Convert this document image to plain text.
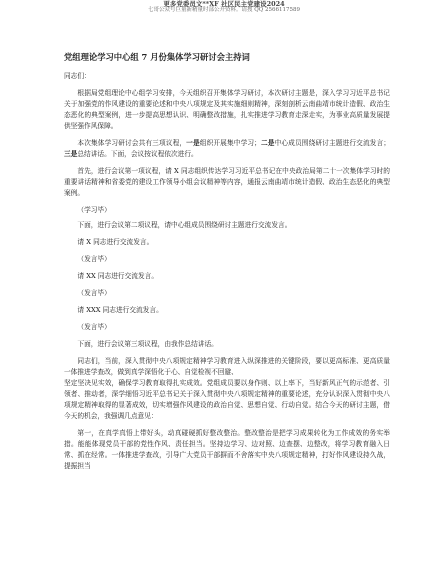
更多党委员文**XF 社区民主党建设2024
七哥公众号巨量新精量时部公开资料。请搜 QQ 2566117589
党组理论学习中心组 7 月份集体学习研讨会主持词

同志们：

根据局党组理论中心组学习安排，今天组织召开集体学习研讨，本次研讨主题是，深入学习习近平总书记关于加强党的作风建设的重要论述和中央八项规定及其实施细则精神，深刻剖析云南曲靖市统计造假、政治生态恶化的典型案例，进一步提高思想认识、明确整改措施，扎实推进学习教育走深走实，为事业高质量发展提供坚强作风保障。

本次集体学习研讨会共有三项议程，一是组织开展集中学习；二是中心成员围绕研讨主题进行交流发言；三是总结讲话。下面，会议按议程依次进行。

首先，进行会议第一项议程，请 X 同志组织传达学习习近平总书记在中央政治局第二十一次集体学习时的重要讲话精神和省委党的建设工作领导小组会议精神等内容，通报云南曲靖市统计造假、政治生态恶化的典型案例。

（学习毕）

下面，进行会议第二项议程，请中心组成员围绕研讨主题进行交流发言。

请 X 同志进行交流发言。

（发言毕）

请 XX 同志进行交流发言。

（发言毕）

请 XXX 同志进行交流发言。

（发言毕）

下面，进行会议第三项议程，由我作总结讲话。

同志们，当前，深入贯彻中央八项规定精神学习教育进入纵深推进的关键阶段，要以更高标准、更高质量一体推进学查改，做到真学深悟化于心、自觉检视不回避、

坚定坚决见实效，确保学习教育取得扎实成效。党组成员要以身作则、以上率下，当好新风正气的示范者、引领者、推动者，深学细悟习近平总书记关于深入贯彻中央八项规定精神的重要论述，充分认识深入贯彻中央八项规定精神取得的显著成效，切实增强作风建设的政治自觉、思想自觉、行动自觉。结合今天的研讨主题，借今天的机会，我强调几点意见：

第一，在真学真悟上带好头，动真碰硬抓好整改整治。整改整治是把学习成果转化为工作成效的务实举措。能能体现党员干部的党性作风、责任担当。坚持边学习、边对照、边查摆、边整改，将学习教育融入日常、抓在经常。一体推进学查改，引导广大党员干部摒而不舍落实中央八项规定精神，打好作风建设持久战，提振担当
